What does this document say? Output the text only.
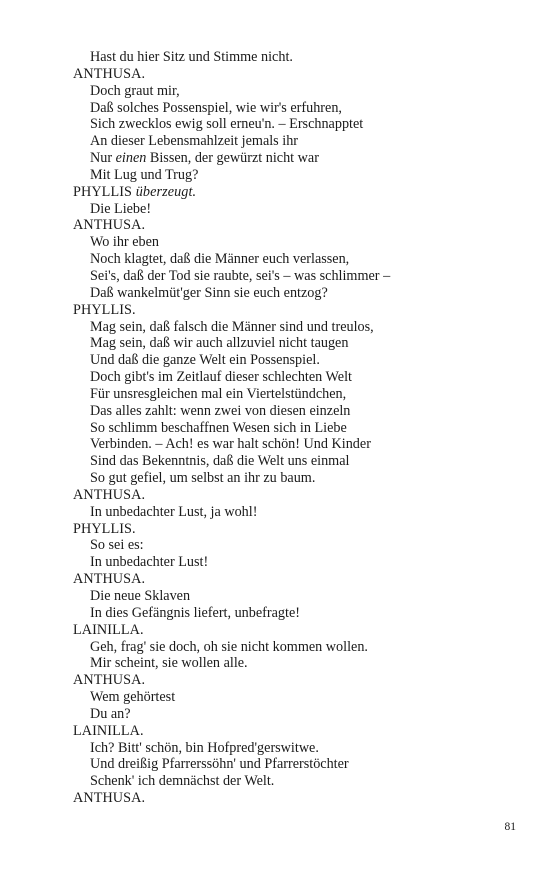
Hast du hier Sitz und Stimme nicht.
ANTHUSA.
Doch graut mir,
Daß solches Possenspiel, wie wir's erfuhren,
Sich zwecklos ewig soll erneu'n. – Erschnapptet
An dieser Lebensmahlzeit jemals ihr
Nur einen Bissen, der gewürzt nicht war
Mit Lug und Trug?
PHYLLIS überzeugt.
Die Liebe!
ANTHUSA.
Wo ihr eben
Noch klagtet, daß die Männer euch verlassen,
Sei's, daß der Tod sie raubte, sei's – was schlimmer –
Daß wankelmüt'ger Sinn sie euch entzog?
PHYLLIS.
Mag sein, daß falsch die Männer sind und treulos,
Mag sein, daß wir auch allzuviel nicht taugen
Und daß die ganze Welt ein Possenspiel.
Doch gibt's im Zeitlauf dieser schlechten Welt
Für unsresgleichen mal ein Viertelstündchen,
Das alles zahlt: wenn zwei von diesen einzeln
So schlimm beschaffnen Wesen sich in Liebe
Verbinden. – Ach! es war halt schön! Und Kinder
Sind das Bekenntnis, daß die Welt uns einmal
So gut gefiel, um selbst an ihr zu baum.
ANTHUSA.
In unbedachter Lust, ja wohl!
PHYLLIS.
So sei es:
In unbedachter Lust!
ANTHUSA.
Die neue Sklaven
In dies Gefängnis liefert, unbefragte!
LAINILLA.
Geh, frag' sie doch, oh sie nicht kommen wollen.
Mir scheint, sie wollen alle.
ANTHUSA.
Wem gehörtest
Du an?
LAINILLA.
Ich? Bitt' schön, bin Hofpred'gerswitwe.
Und dreißig Pfarrerssöhn' und Pfarrerstöchter
Schenk' ich demnächst der Welt.
ANTHUSA.
81
